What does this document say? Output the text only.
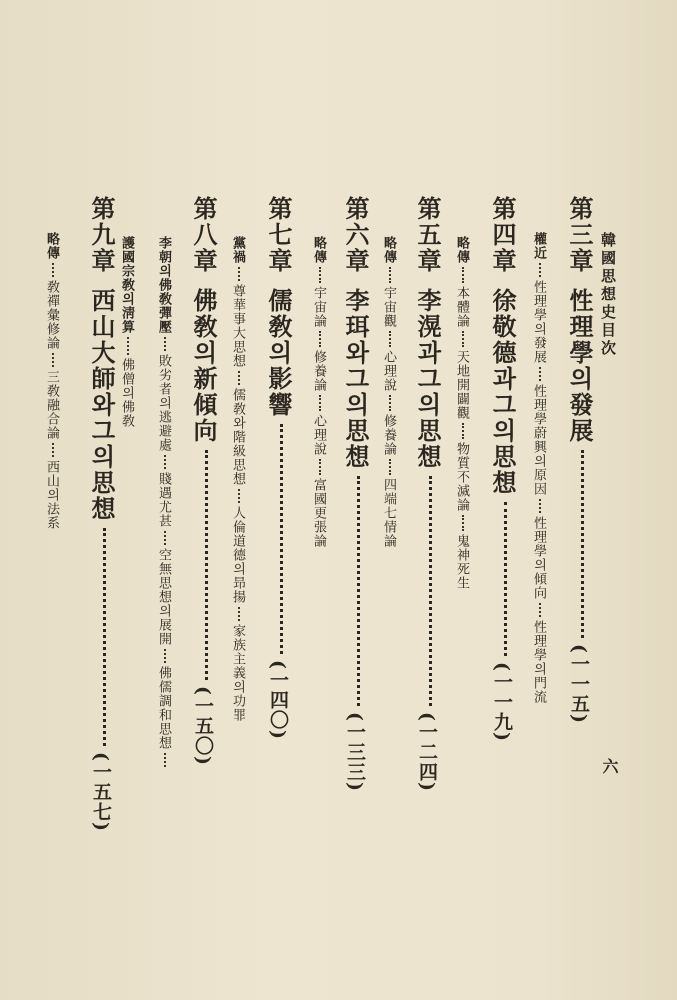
韓國思想史目次
六
第三章性理學의發展(一一五)
權近性理學의發展性理學蔚興의原因性理學의傾向性理學의門流
第四章徐敬德과그의思想(一一九)
略傳本體論天地開闢觀物質不滅論鬼神死生
第五章李滉과그의思想(一二四)
略傳宇宙觀心理說修養論四端七情論
第六章李珥와그의思想(一三三)
略傳宇宙論修養論心理說富國更張論
第七章儒敎의影響(一四〇)
黨禍尊華事大思想儒敎와階級思想人倫道德의昻揚家族主義의功罪
第八章佛敎의新傾向(一五〇)
李朝의佛敎彈壓敗劣者의逃避處賤遇尤甚空無思想의展開佛儒調和思想
護國宗敎의淸算佛僧의佛敎
第九章西山大師와그의思想(一五七)
略傳敎禪彙修論三敎融合論西山의法系
